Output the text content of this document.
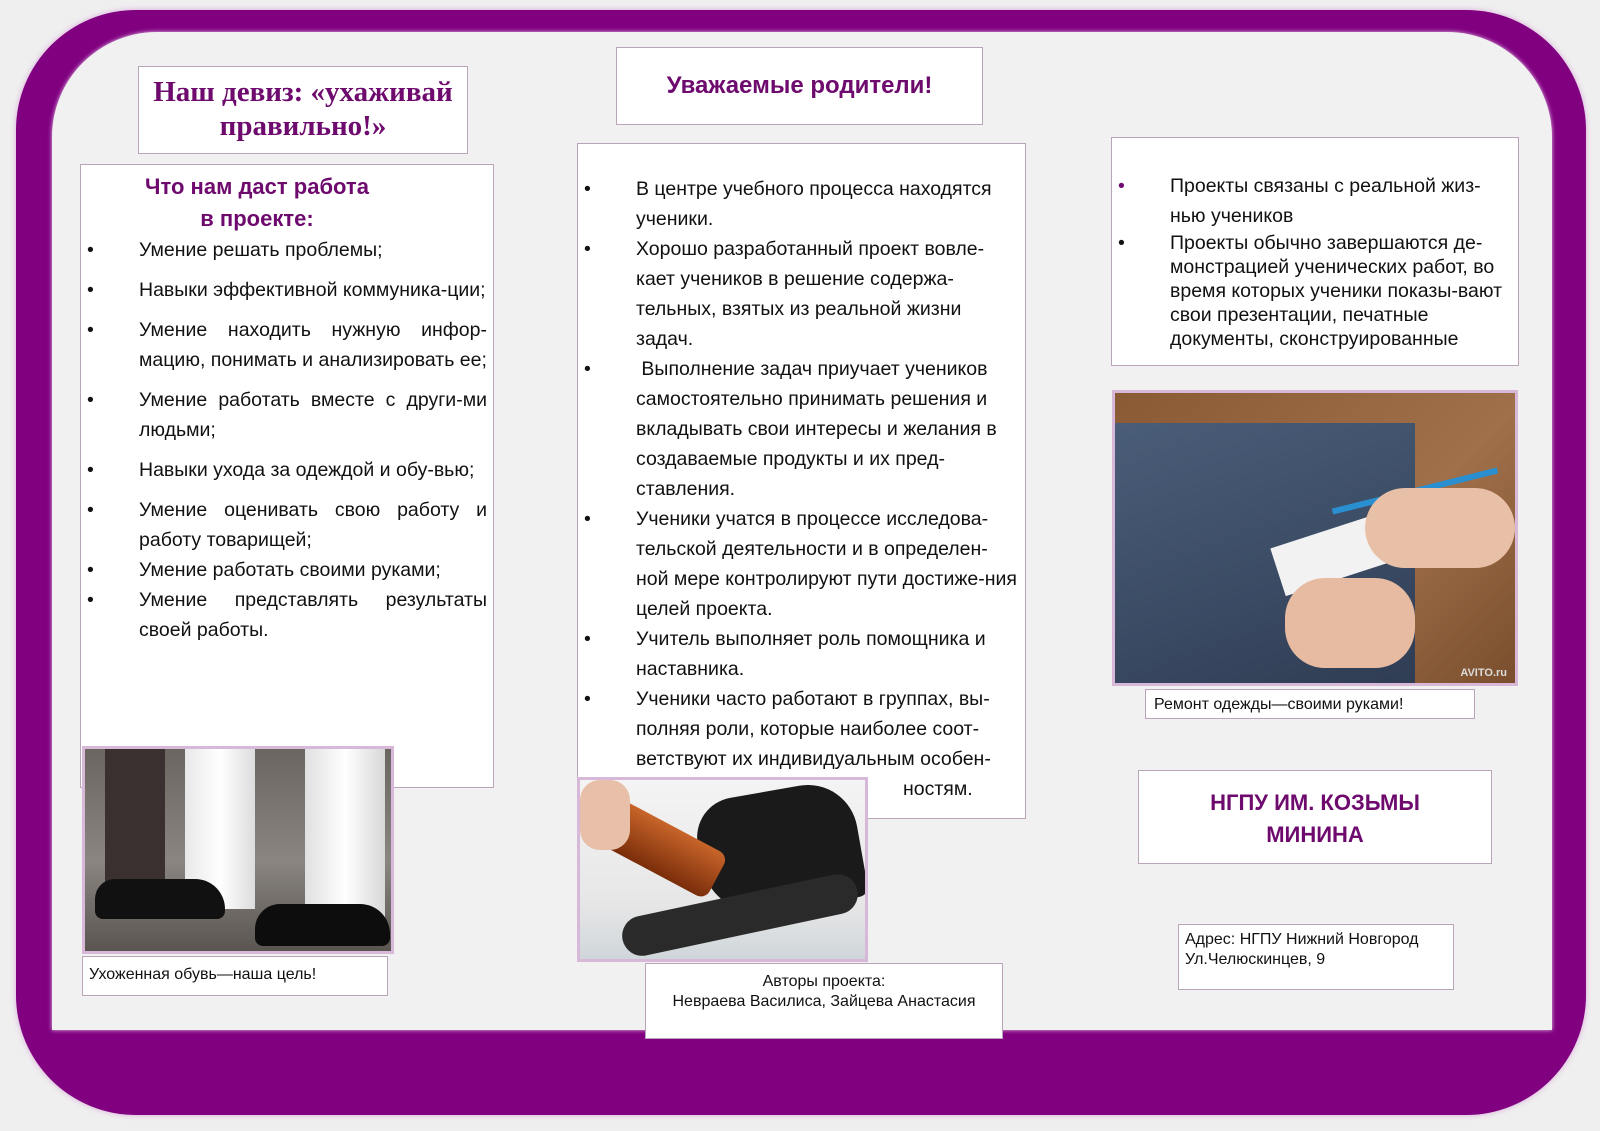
Наш девиз: «ухаживай правильно!»
Что нам даст работа
в проекте:
• Умение решать проблемы;
• Навыки эффективной коммуника-ции;
• Умение находить нужную инфор-мацию, понимать и анализировать ее;
• Умение работать вместе с други-ми людьми;
• Навыки ухода за одеждой и обу-вью;
• Умение оценивать свою работу и работу товарищей;
• Умение работать своими руками;
• Умение представлять результаты своей работы.
Ухоженная обувь—наша цель!
Уважаемые родители!
• В центре учебного процесса находятся ученики.
• Хорошо разработанный проект вовле-кает учеников в решение содержа-тельных, взятых из реальной жизни задач.
• Выполнение задач приучает учеников самостоятельно принимать решения и вкладывать свои интересы и желания в создаваемые продукты и их пред-ставления.
• Ученики учатся в процессе исследова-тельской деятельности и в определен-ной мере контролируют пути достиже-ния целей проекта.
• Учитель выполняет роль помощника и наставника.
• Ученики часто работают в группах, вы-полняя роли, которые наиболее соот-ветствуют их индивидуальным особен-
ностям.
Авторы проекта:
Невраева Василиса, Зайцева Анастасия
• Проекты связаны с реальной жиз-нью учеников
• Проекты обычно завершаются де-монстрацией ученических работ, во время которых ученики показы-вают свои презентации, печатные документы, сконструированные
AVITO.ru
Ремонт одежды—своими руками!
НГПУ ИМ. КОЗЬМЫ МИНИНА
Адрес: НГПУ Нижний Новгород
Ул.Челюскинцев, 9
